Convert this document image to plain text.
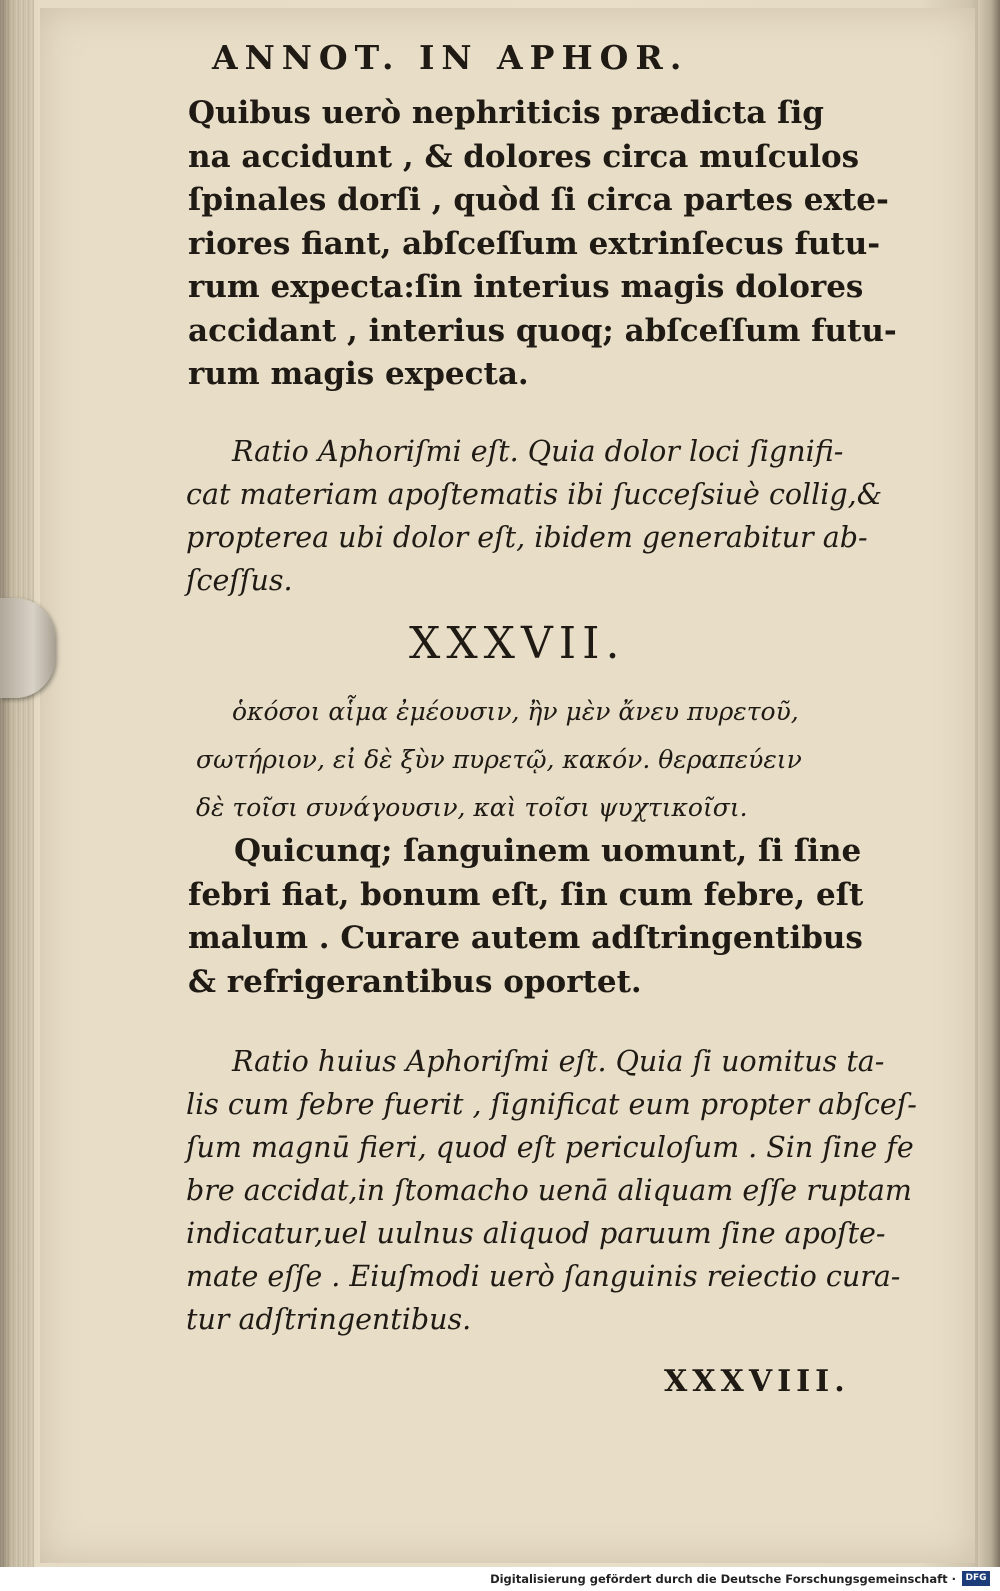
ANNOT. IN APHOR.
Quibus uerò nephriticis prædicta ſig
na accidunt , & dolores circa muſculos
ſpinales dorſi , quòd ſi circa partes exte-
riores fiant, abſceſſum extrinſecus futu-
rum expecta:ſin interius magis dolores
accidant , interius quoq; abſceſſum futu-
rum magis expecta.
Ratio Aphoriſmi eſt. Quia dolor loci ſignifi-
cat materiam apoſtematis ibi ſucceſsiuè collig,&
propterea ubi dolor eſt, ibidem generabitur ab-
ſceſſus.
XXXVII.
ὁκόσοι αἷμα ἐμέουσιν, ἢν μὲν ἄνευ πυρετοῦ,
σωτήριον, εἰ δὲ ξὺν πυρετῷ, κακόν. θεραπεύειν
δὲ τοῖσι συνάγουσιν, καὶ τοῖσι ψυχτικοῖσι.
Quicunq; ſanguinem uomunt, ſi ſine
febri fiat, bonum eſt, ſin cum febre, eſt
malum . Curare autem adſtringentibus
& refrigerantibus oportet.
Ratio huius Aphoriſmi eſt. Quia ſi uomitus ta-
lis cum febre fuerit , ſignificat eum propter abſceſ-
ſum magnū fieri, quod eſt periculoſum . Sin ſine fe
bre accidat,in ſtomacho uenā aliquam eſſe ruptam
indicatur,uel uulnus aliquod paruum ſine apoſte-
mate eſſe . Eiuſmodi uerò ſanguinis reiectio cura-
tur adſtringentibus.
XXXVIII.
Digitalisierung gefördert durch die Deutsche Forschungsgemeinschaft ·	DFG
